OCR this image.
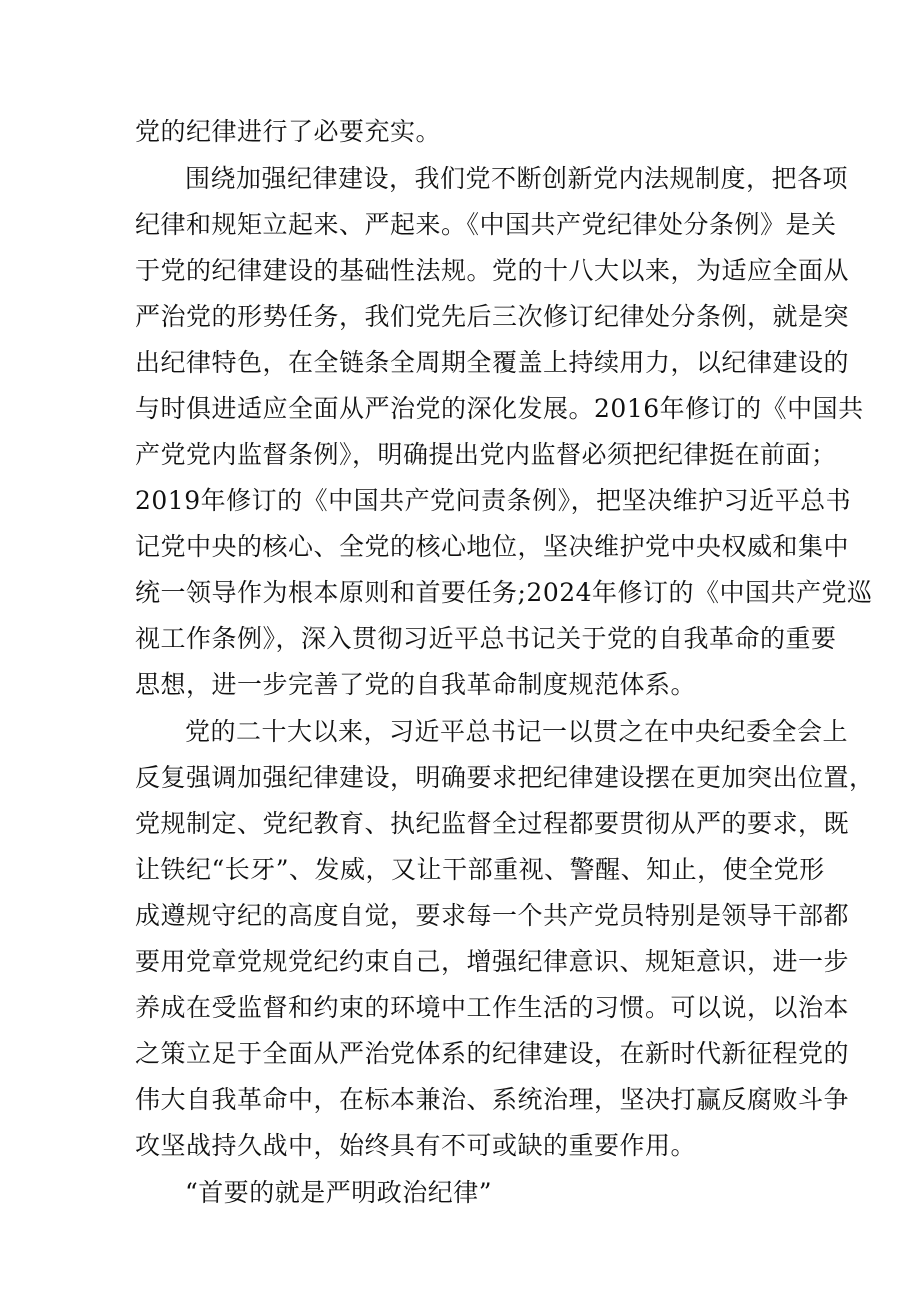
党的纪律进行了必要充实。
围绕加强纪律建设，我们党不断创新党内法规制度，把各项
纪律和规矩立起来、严起来。《中国共产党纪律处分条例》是关
于党的纪律建设的基础性法规。党的十八大以来，为适应全面从
严治党的形势任务，我们党先后三次修订纪律处分条例，就是突
出纪律特色，在全链条全周期全覆盖上持续用力，以纪律建设的
与时俱进适应全面从严治党的深化发展。2016年修订的《中国共
产党党内监督条例》，明确提出党内监督必须把纪律挺在前面；
2019年修订的《中国共产党问责条例》，把坚决维护习近平总书
记党中央的核心、全党的核心地位，坚决维护党中央权威和集中
统一领导作为根本原则和首要任务;2024年修订的《中国共产党巡
视工作条例》，深入贯彻习近平总书记关于党的自我革命的重要
思想，进一步完善了党的自我革命制度规范体系。
党的二十大以来，习近平总书记一以贯之在中央纪委全会上
反复强调加强纪律建设，明确要求把纪律建设摆在更加突出位置，
党规制定、党纪教育、执纪监督全过程都要贯彻从严的要求，既
让铁纪“长牙”、发威，又让干部重视、警醒、知止，使全党形
成遵规守纪的高度自觉，要求每一个共产党员特别是领导干部都
要用党章党规党纪约束自己，增强纪律意识、规矩意识，进一步
养成在受监督和约束的环境中工作生活的习惯。可以说，以治本
之策立足于全面从严治党体系的纪律建设，在新时代新征程党的
伟大自我革命中，在标本兼治、系统治理，坚决打赢反腐败斗争
攻坚战持久战中，始终具有不可或缺的重要作用。
“首要的就是严明政治纪律”
